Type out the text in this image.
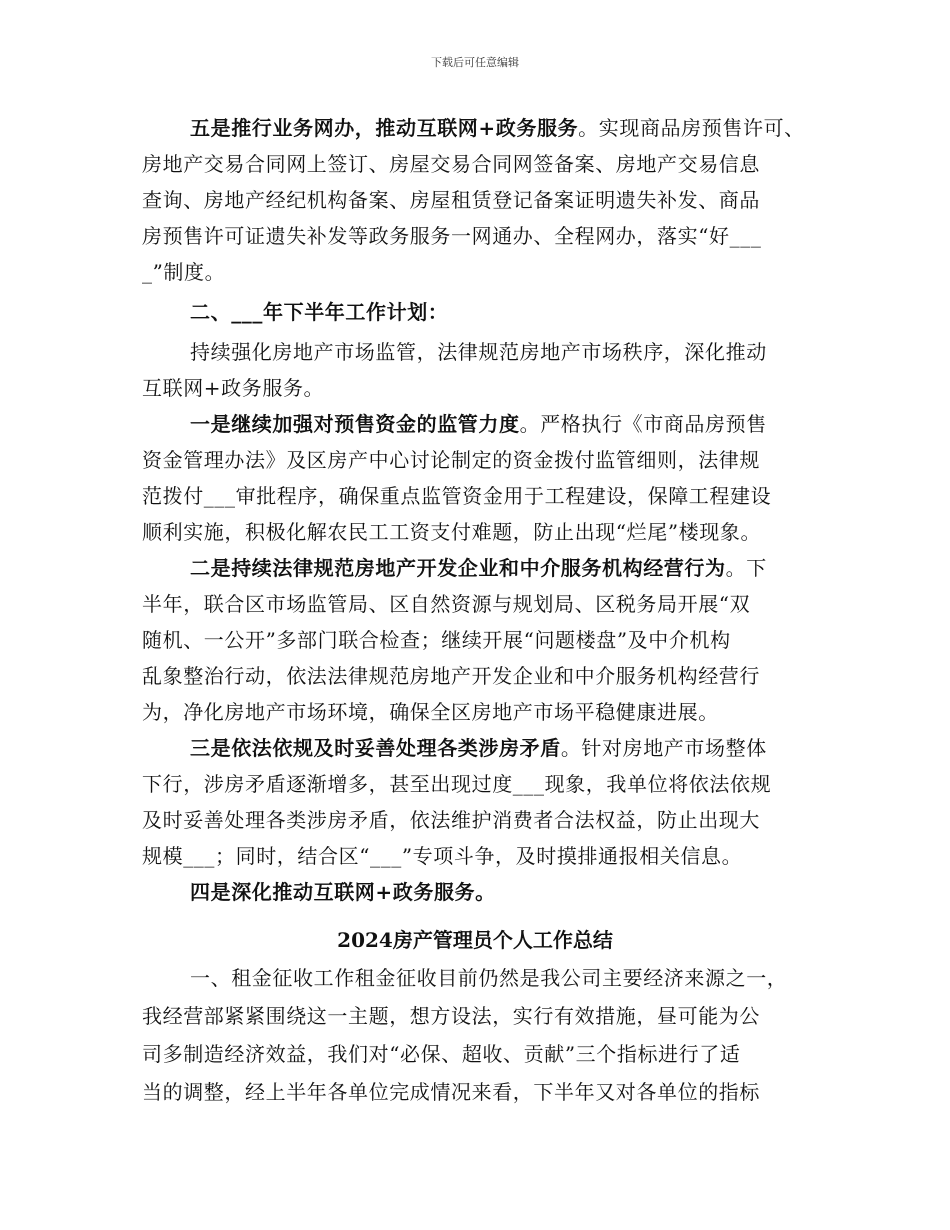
下载后可任意编辑
五是推行业务网办，推动互联网+政务服务。实现商品房预售许可、
房地产交易合同网上签订、房屋交易合同网签备案、房地产交易信息
查询、房地产经纪机构备案、房屋租赁登记备案证明遗失补发、商品
房预售许可证遗失补发等政务服务一网通办、全程网办，落实“好___
_”制度。
二、___年下半年工作计划：
持续强化房地产市场监管，法律规范房地产市场秩序，深化推动
互联网+政务服务。
一是继续加强对预售资金的监管力度。严格执行《市商品房预售
资金管理办法》及区房产中心讨论制定的资金拨付监管细则，法律规
范拨付___审批程序，确保重点监管资金用于工程建设，保障工程建设
顺利实施，积极化解农民工工资支付难题，防止出现“烂尾”楼现象。
二是持续法律规范房地产开发企业和中介服务机构经营行为。下
半年，联合区市场监管局、区自然资源与规划局、区税务局开展“双
随机、一公开”多部门联合检查；继续开展“问题楼盘”及中介机构
乱象整治行动，依法法律规范房地产开发企业和中介服务机构经营行
为，净化房地产市场环境，确保全区房地产市场平稳健康进展。
三是依法依规及时妥善处理各类涉房矛盾。针对房地产市场整体
下行，涉房矛盾逐渐增多，甚至出现过度___现象，我单位将依法依规
及时妥善处理各类涉房矛盾，依法维护消费者合法权益，防止出现大
规模___；同时，结合区“___”专项斗争，及时摸排通报相关信息。
四是深化推动互联网+政务服务。
2024房产管理员个人工作总结
一、租金征收工作租金征收目前仍然是我公司主要经济来源之一，
我经营部紧紧围绕这一主题，想方设法，实行有效措施，昼可能为公
司多制造经济效益，我们对“必保、超收、贡献”三个指标进行了适
当的调整，经上半年各单位完成情况来看，下半年又对各单位的指标
